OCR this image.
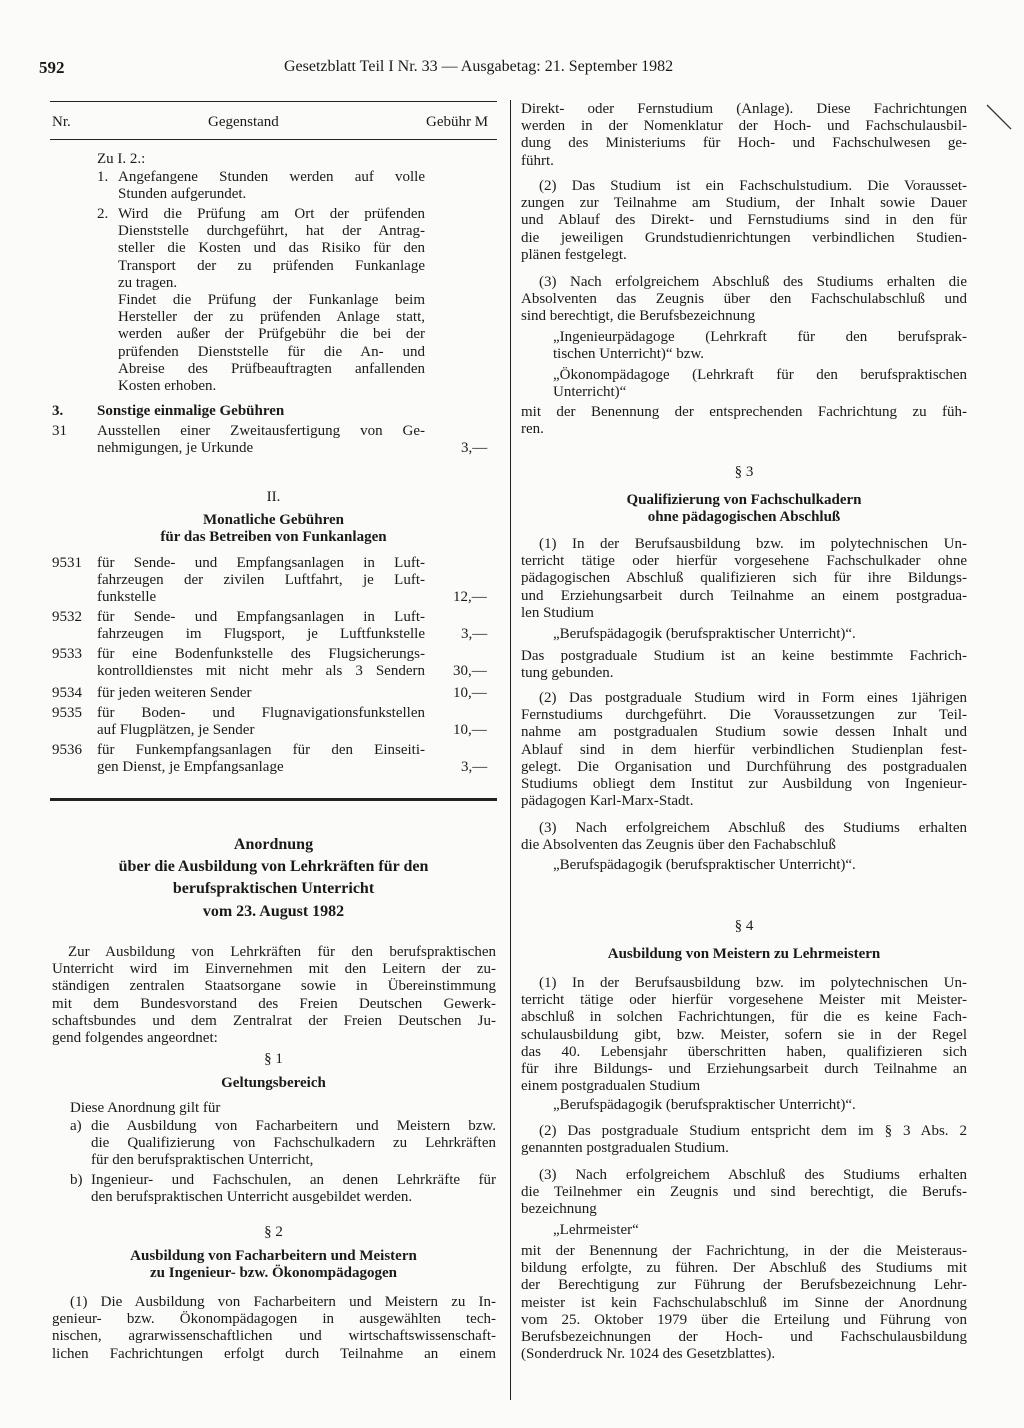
592	Gesetzblatt Teil I Nr. 33 — Ausgabetag: 21. September 1982
Nr.	Gegenstand	Gebühr M
Zu I. 2.:
1. Angefangene Stunden werden auf volle
Stunden aufgerundet.
2. Wird die Prüfung am Ort der prüfenden
Dienststelle durchgeführt, hat der Antrag-
steller die Kosten und das Risiko für den
Transport der zu prüfenden Funkanlage
zu tragen.
Findet die Prüfung der Funkanlage beim
Hersteller der zu prüfenden Anlage statt,
werden außer der Prüfgebühr die bei der
prüfenden Dienststelle für die An- und
Abreise des Prüfbeauftragten anfallenden
Kosten erhoben.
3. Sonstige einmalige Gebühren
31 Ausstellen einer Zweitausfertigung von Ge-
nehmigungen, je Urkunde	3,—
II.
Monatliche Gebühren
für das Betreiben von Funkanlagen
9531 für Sende- und Empfangsanlagen in Luft-
fahrzeugen der zivilen Luftfahrt, je Luft-
funkstelle	12,—
9532 für Sende- und Empfangsanlagen in Luft-
fahrzeugen im Flugsport, je Luftfunkstelle 3,—
9533 für eine Bodenfunkstelle des Flugsicherungs-
kontrolldienstes mit nicht mehr als 3 Sendern 30,—
9534 für jeden weiteren Sender	10,—
9535 für Boden- und Flugnavigationsfunkstellen
auf Flugplätzen, je Sender	10,—
9536 für Funkempfangsanlagen für den Einseiti-
gen Dienst, je Empfangsanlage	3,—
Anordnung
über die Ausbildung von Lehrkräften für den
berufspraktischen Unterricht
vom 23. August 1982
Zur Ausbildung von Lehrkräften für den berufspraktischen
Unterricht wird im Einvernehmen mit den Leitern der zu-
ständigen zentralen Staatsorgane sowie in Übereinstimmung
mit dem Bundesvorstand des Freien Deutschen Gewerk-
schaftsbundes und dem Zentralrat der Freien Deutschen Ju-
gend folgendes angeordnet:
§ 1
Geltungsbereich
Diese Anordnung gilt für
a) die Ausbildung von Facharbeitern und Meistern bzw.
die Qualifizierung von Fachschulkadern zu Lehrkräften
für den berufspraktischen Unterricht,
b) Ingenieur- und Fachschulen, an denen Lehrkräfte für
den berufspraktischen Unterricht ausgebildet werden.
§ 2
Ausbildung von Facharbeitern und Meistern
zu Ingenieur- bzw. Ökonompädagogen
(1) Die Ausbildung von Facharbeitern und Meistern zu In-
genieur- bzw. Ökonompädagogen in ausgewählten tech-
nischen, agrarwissenschaftlichen und wirtschaftswissenschaft-
lichen Fachrichtungen erfolgt durch Teilnahme an einem
Direkt- oder Fernstudium (Anlage). Diese Fachrichtungen
werden in der Nomenklatur der Hoch- und Fachschulausbil-
dung des Ministeriums für Hoch- und Fachschulwesen ge-
führt.
(2) Das Studium ist ein Fachschulstudium. Die Vorausset-
zungen zur Teilnahme am Studium, der Inhalt sowie Dauer
und Ablauf des Direkt- und Fernstudiums sind in den für
die jeweiligen Grundstudienrichtungen verbindlichen Studien-
plänen festgelegt.
(3) Nach erfolgreichem Abschluß des Studiums erhalten die
Absolventen das Zeugnis über den Fachschulabschluß und
sind berechtigt, die Berufsbezeichnung
„Ingenieurpädagoge (Lehrkraft für den berufsprak-
tischen Unterricht)“ bzw.
„Ökonompädagoge (Lehrkraft für den berufspraktischen
Unterricht)“
mit der Benennung der entsprechenden Fachrichtung zu füh-
ren.
§ 3
Qualifizierung von Fachschulkadern
ohne pädagogischen Abschluß
(1) In der Berufsausbildung bzw. im polytechnischen Un-
terricht tätige oder hierfür vorgesehene Fachschulkader ohne
pädagogischen Abschluß qualifizieren sich für ihre Bildungs-
und Erziehungsarbeit durch Teilnahme an einem postgradua-
len Studium
„Berufspädagogik (berufspraktischer Unterricht)“.
Das postgraduale Studium ist an keine bestimmte Fachrich-
tung gebunden.
(2) Das postgraduale Studium wird in Form eines 1jährigen
Fernstudiums durchgeführt. Die Voraussetzungen zur Teil-
nahme am postgradualen Studium sowie dessen Inhalt und
Ablauf sind in dem hierfür verbindlichen Studienplan fest-
gelegt. Die Organisation und Durchführung des postgradualen
Studiums obliegt dem Institut zur Ausbildung von Ingenieur-
pädagogen Karl-Marx-Stadt.
(3) Nach erfolgreichem Abschluß des Studiums erhalten
die Absolventen das Zeugnis über den Fachabschluß
„Berufspädagogik (berufspraktischer Unterricht)“.
§ 4
Ausbildung von Meistern zu Lehrmeistern
(1) In der Berufsausbildung bzw. im polytechnischen Un-
terricht tätige oder hierfür vorgesehene Meister mit Meister-
abschluß in solchen Fachrichtungen, für die es keine Fach-
schulausbildung gibt, bzw. Meister, sofern sie in der Regel
das 40. Lebensjahr überschritten haben, qualifizieren sich
für ihre Bildungs- und Erziehungsarbeit durch Teilnahme an
einem postgradualen Studium
„Berufspädagogik (berufspraktischer Unterricht)“.
(2) Das postgraduale Studium entspricht dem im § 3 Abs. 2
genannten postgradualen Studium.
(3) Nach erfolgreichem Abschluß des Studiums erhalten
die Teilnehmer ein Zeugnis und sind berechtigt, die Berufs-
bezeichnung
„Lehrmeister“
mit der Benennung der Fachrichtung, in der die Meisteraus-
bildung erfolgte, zu führen. Der Abschluß des Studiums mit
der Berechtigung zur Führung der Berufsbezeichnung Lehr-
meister ist kein Fachschulabschluß im Sinne der Anordnung
vom 25. Oktober 1979 über die Erteilung und Führung von
Berufsbezeichnungen der Hoch- und Fachschulausbildung
(Sonderdruck Nr. 1024 des Gesetzblattes).
